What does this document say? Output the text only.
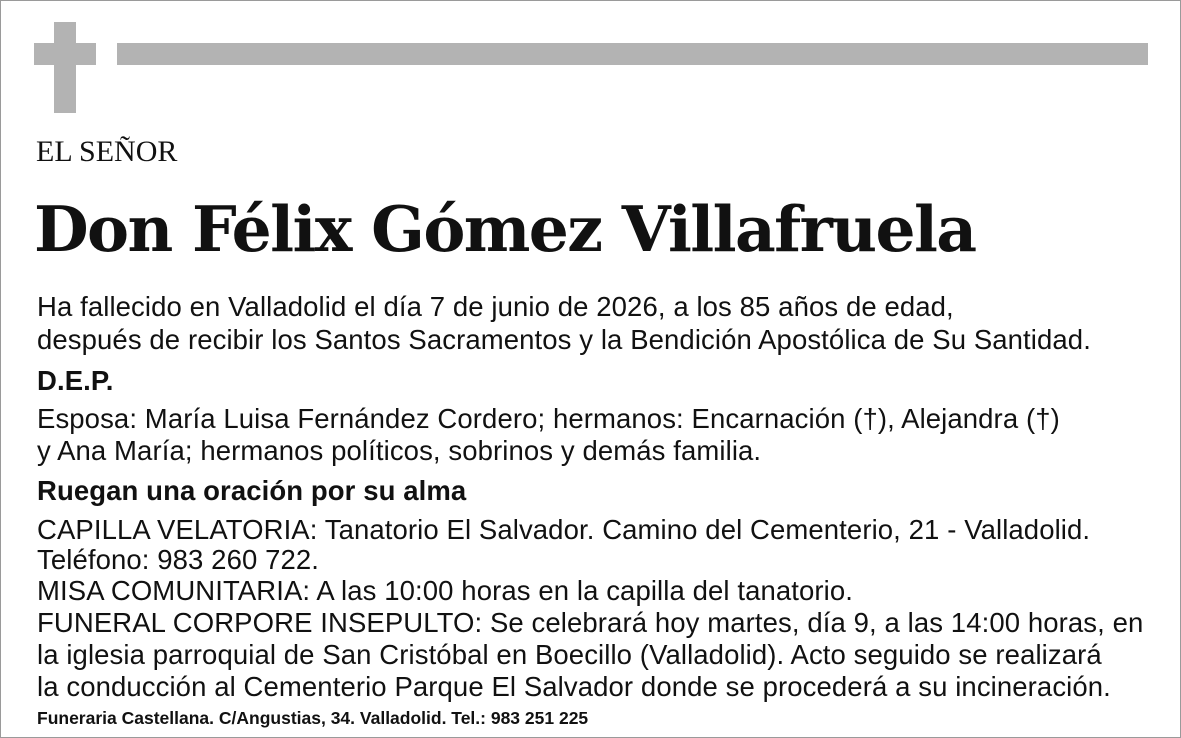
EL SEÑOR
Don Félix Gómez Villafruela
Ha fallecido en Valladolid el día 7 de junio de 2026, a los 85 años de edad,
después de recibir los Santos Sacramentos y la Bendición Apostólica de Su Santidad.
D.E.P.
Esposa: María Luisa Fernández Cordero; hermanos: Encarnación (†), Alejandra (†)
y Ana María; hermanos políticos, sobrinos y demás familia.
Ruegan una oración por su alma
CAPILLA VELATORIA: Tanatorio El Salvador. Camino del Cementerio, 21 - Valladolid.
Teléfono: 983 260 722.
MISA COMUNITARIA: A las 10:00 horas en la capilla del tanatorio.
FUNERAL CORPORE INSEPULTO: Se celebrará hoy martes, día 9, a las 14:00 horas, en
la iglesia parroquial de San Cristóbal en Boecillo (Valladolid). Acto seguido se realizará
la conducción al Cementerio Parque El Salvador donde se procederá a su incineración.
Funeraria Castellana. C/Angustias, 34. Valladolid. Tel.: 983 251 225
